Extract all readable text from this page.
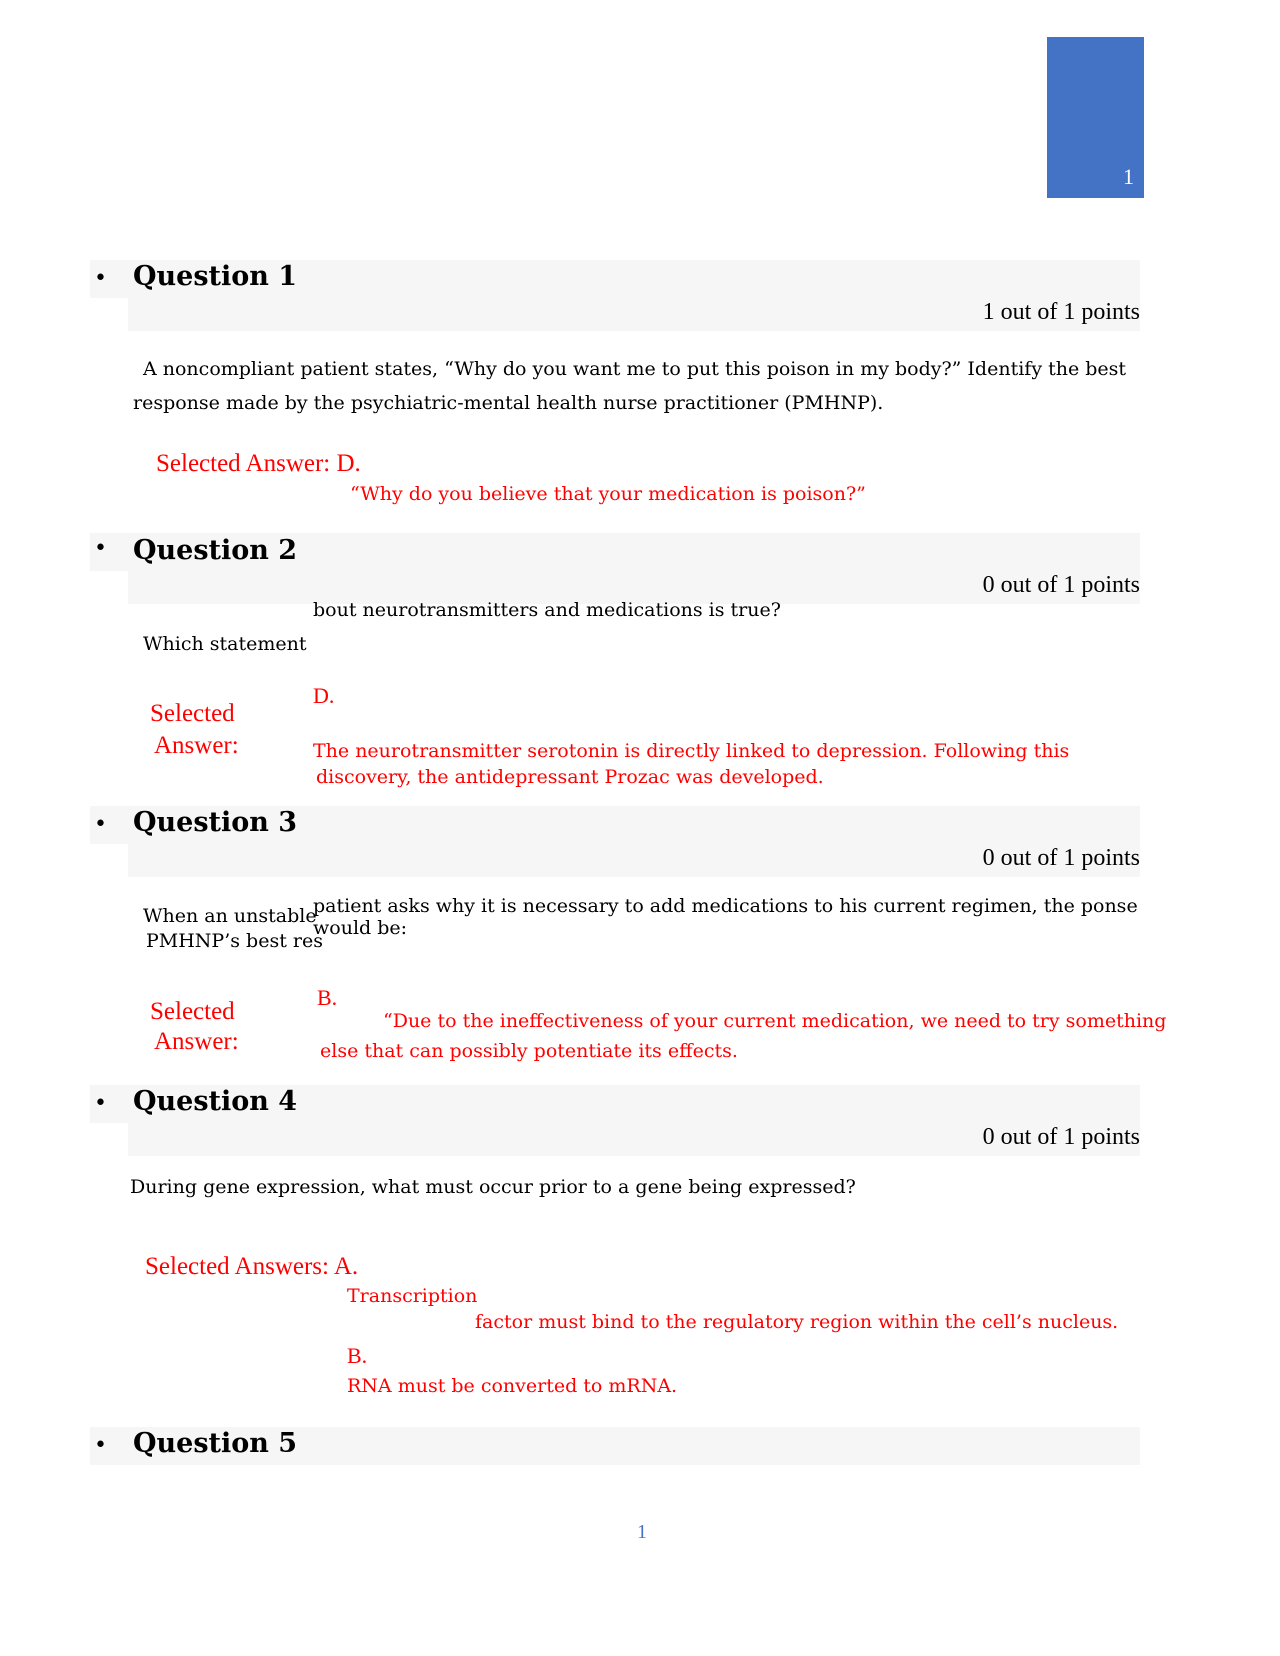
1
• Question 1
1 out of 1 points
A noncompliant patient states, “Why do you want me to put this poison in my body?” Identify the best
response made by the psychiatric-mental health nurse practitioner (PMHNP).
Selected Answer: D.
“Why do you believe that your medication is poison?”
• Question 2
0 out of 1 points
bout neurotransmitters and medications is true?
Which statement
D.
Selected
Answer:	The neurotransmitter serotonin is directly linked to depression. Following this
discovery, the antidepressant Prozac was developed.
• Question 3
0 out of 1 points
patient asks why it is necessary to add medications to his current regimen, the ponse
would be:
When an unstable
PMHNP’s best res
B.
Selected
Answer:
“Due to the ineffectiveness of your current medication, we need to try something
else that can possibly potentiate its effects.
• Question 4
0 out of 1 points
During gene expression, what must occur prior to a gene being expressed?
Selected Answers: A.
Transcription
factor must bind to the regulatory region within the cell’s nucleus.
B.
RNA must be converted to mRNA.
• Question 5
1
